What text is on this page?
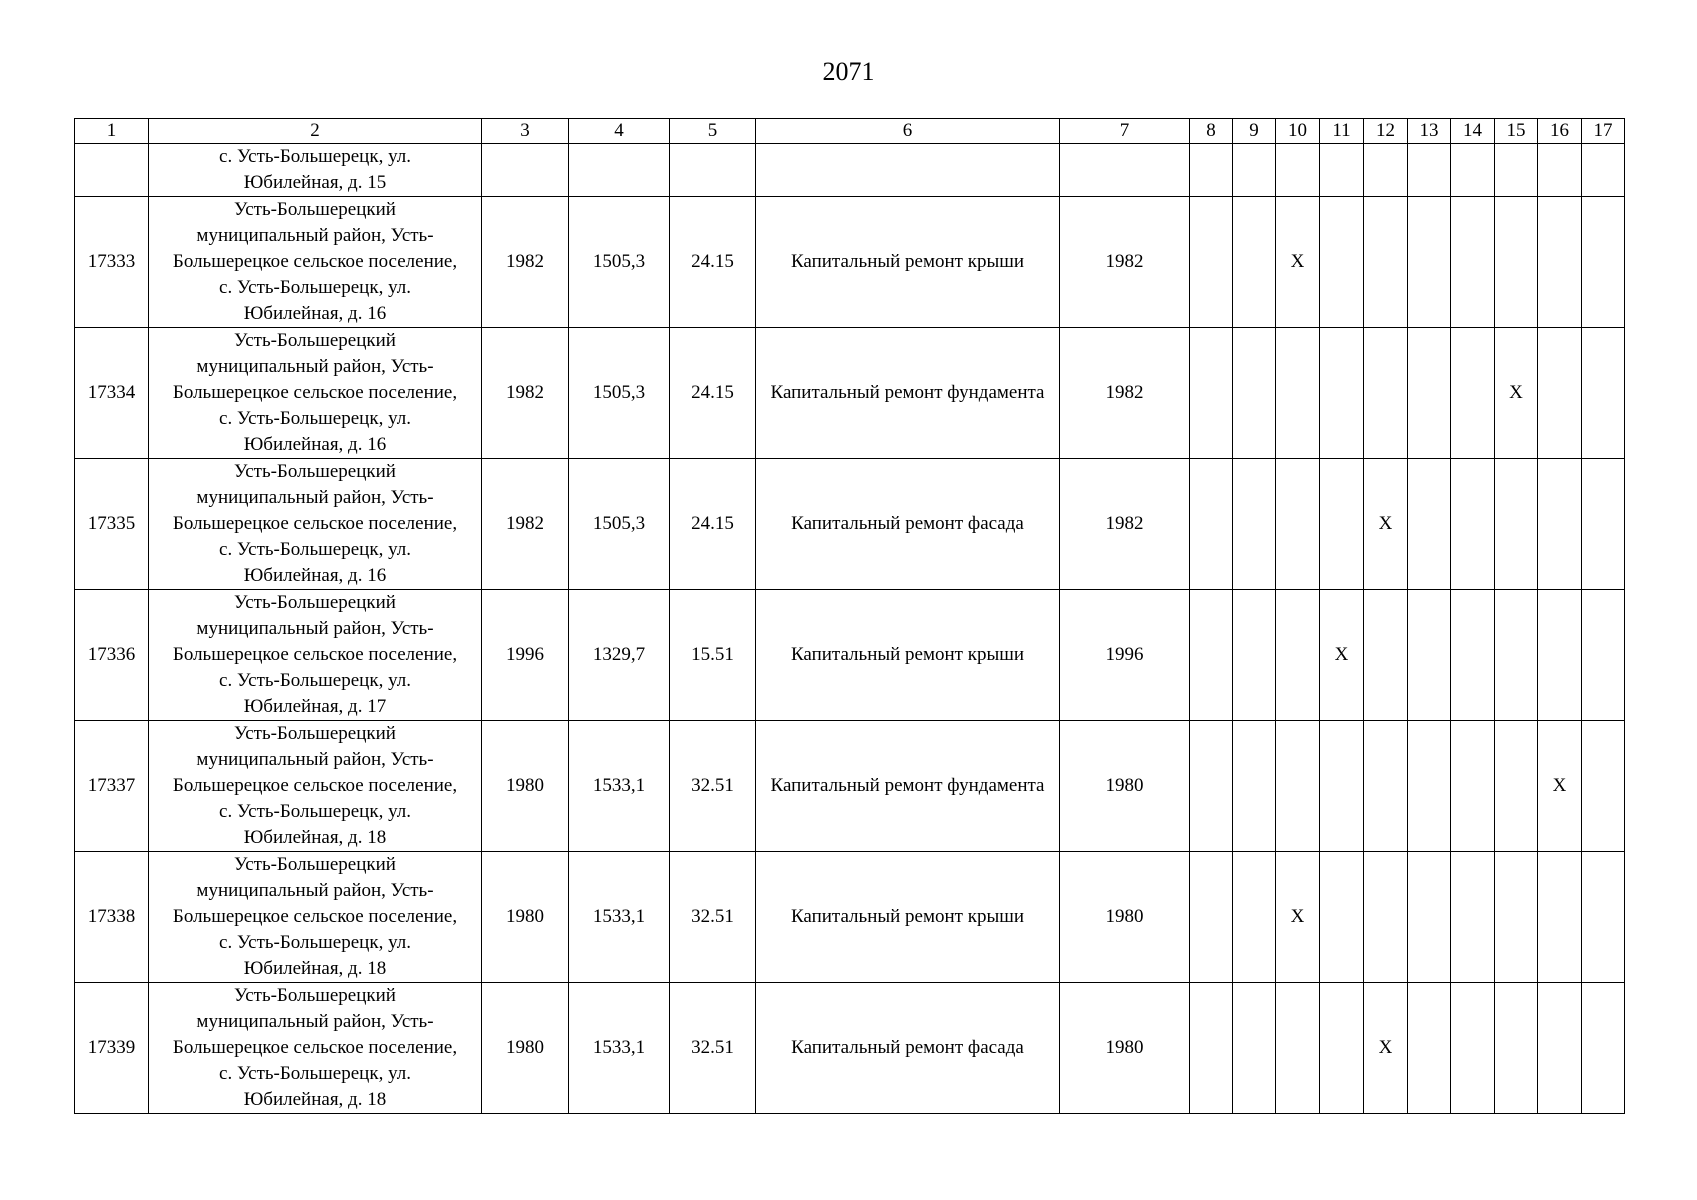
2071
1	2	3	4	5	6	7	8	9	10	11	12	13	14	15	16	17

	с. Усть-Большерецк, ул.
Юбилейная, д. 15															

17333	Усть-Большерецкий
муниципальный район, Усть-
Большерецкое сельское поселение,
с. Усть-Большерецк, ул.
Юбилейная, д. 16	1982	1505,3	24.15	Капитальный ремонт крыши	1982			X							
17334	Усть-Большерецкий
муниципальный район, Усть-
Большерецкое сельское поселение,
с. Усть-Большерецк, ул.
Юбилейная, д. 16	1982	1505,3	24.15	Капитальный ремонт фундамента	1982								X		
17335	Усть-Большерецкий
муниципальный район, Усть-
Большерецкое сельское поселение,
с. Усть-Большерецк, ул.
Юбилейная, д. 16	1982	1505,3	24.15	Капитальный ремонт фасада	1982					X					
17336	Усть-Большерецкий
муниципальный район, Усть-
Большерецкое сельское поселение,
с. Усть-Большерецк, ул.
Юбилейная, д. 17	1996	1329,7	15.51	Капитальный ремонт крыши	1996				X						
17337	Усть-Большерецкий
муниципальный район, Усть-
Большерецкое сельское поселение,
с. Усть-Большерецк, ул.
Юбилейная, д. 18	1980	1533,1	32.51	Капитальный ремонт фундамента	1980									X	
17338	Усть-Большерецкий
муниципальный район, Усть-
Большерецкое сельское поселение,
с. Усть-Большерецк, ул.
Юбилейная, д. 18	1980	1533,1	32.51	Капитальный ремонт крыши	1980			X							
17339	Усть-Большерецкий
муниципальный район, Усть-
Большерецкое сельское поселение,
с. Усть-Большерецк, ул.
Юбилейная, д. 18	1980	1533,1	32.51	Капитальный ремонт фасада	1980					X					
